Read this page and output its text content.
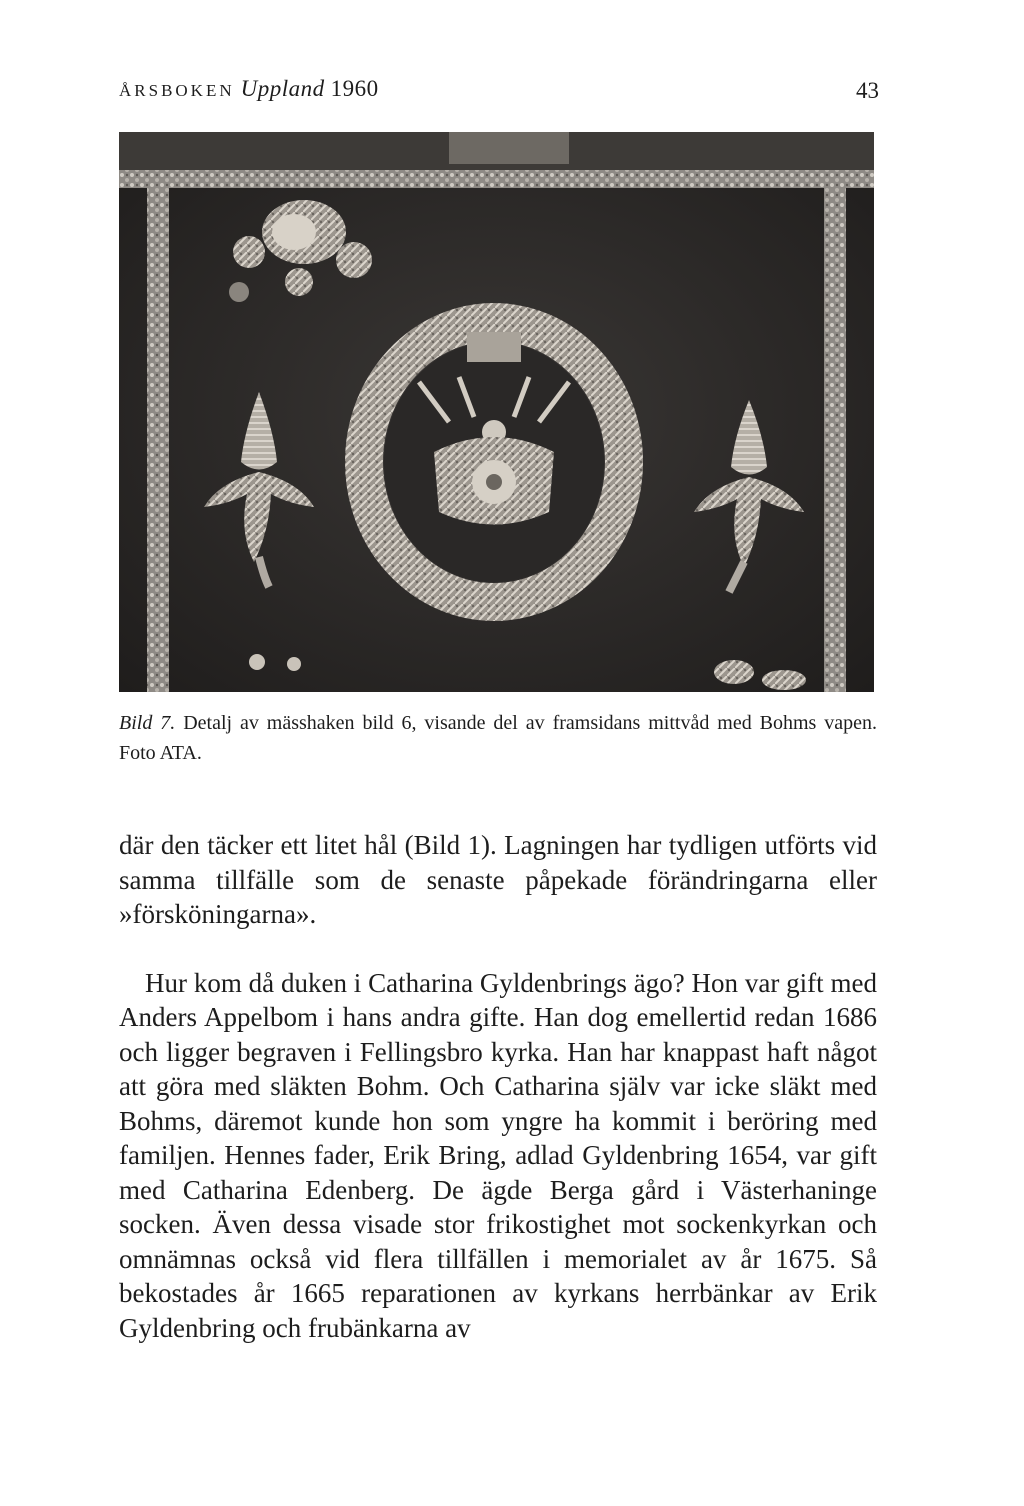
ÅRSBOKEN Uppland 1960	43
Bild 7. Detalj av mässhaken bild 6, visande del av framsidans mittvåd med Bohms vapen. Foto ATA.

där den täcker ett litet hål (Bild 1). Lagningen har tydligen utförts vid samma tillfälle som de senaste påpekade förändringarna eller »försköningarna».

Hur kom då duken i Catharina Gyldenbrings ägo? Hon var gift med Anders Appelbom i hans andra gifte. Han dog emellertid redan 1686 och ligger begraven i Fellingsbro kyrka. Han har knappast haft något att göra med släkten Bohm. Och Catharina själv var icke släkt med Bohms, däremot kunde hon som yngre ha kommit i beröring med familjen. Hennes fader, Erik Bring, adlad Gyldenbring 1654, var gift med Catharina Edenberg. De ägde Berga gård i Västerhaninge socken. Även dessa visade stor frikostighet mot sockenkyrkan och omnämnas också vid flera tillfällen i memorialet av år 1675. Så bekostades år 1665 reparationen av kyrkans herrbänkar av Erik Gyldenbring och frubänkarna av
